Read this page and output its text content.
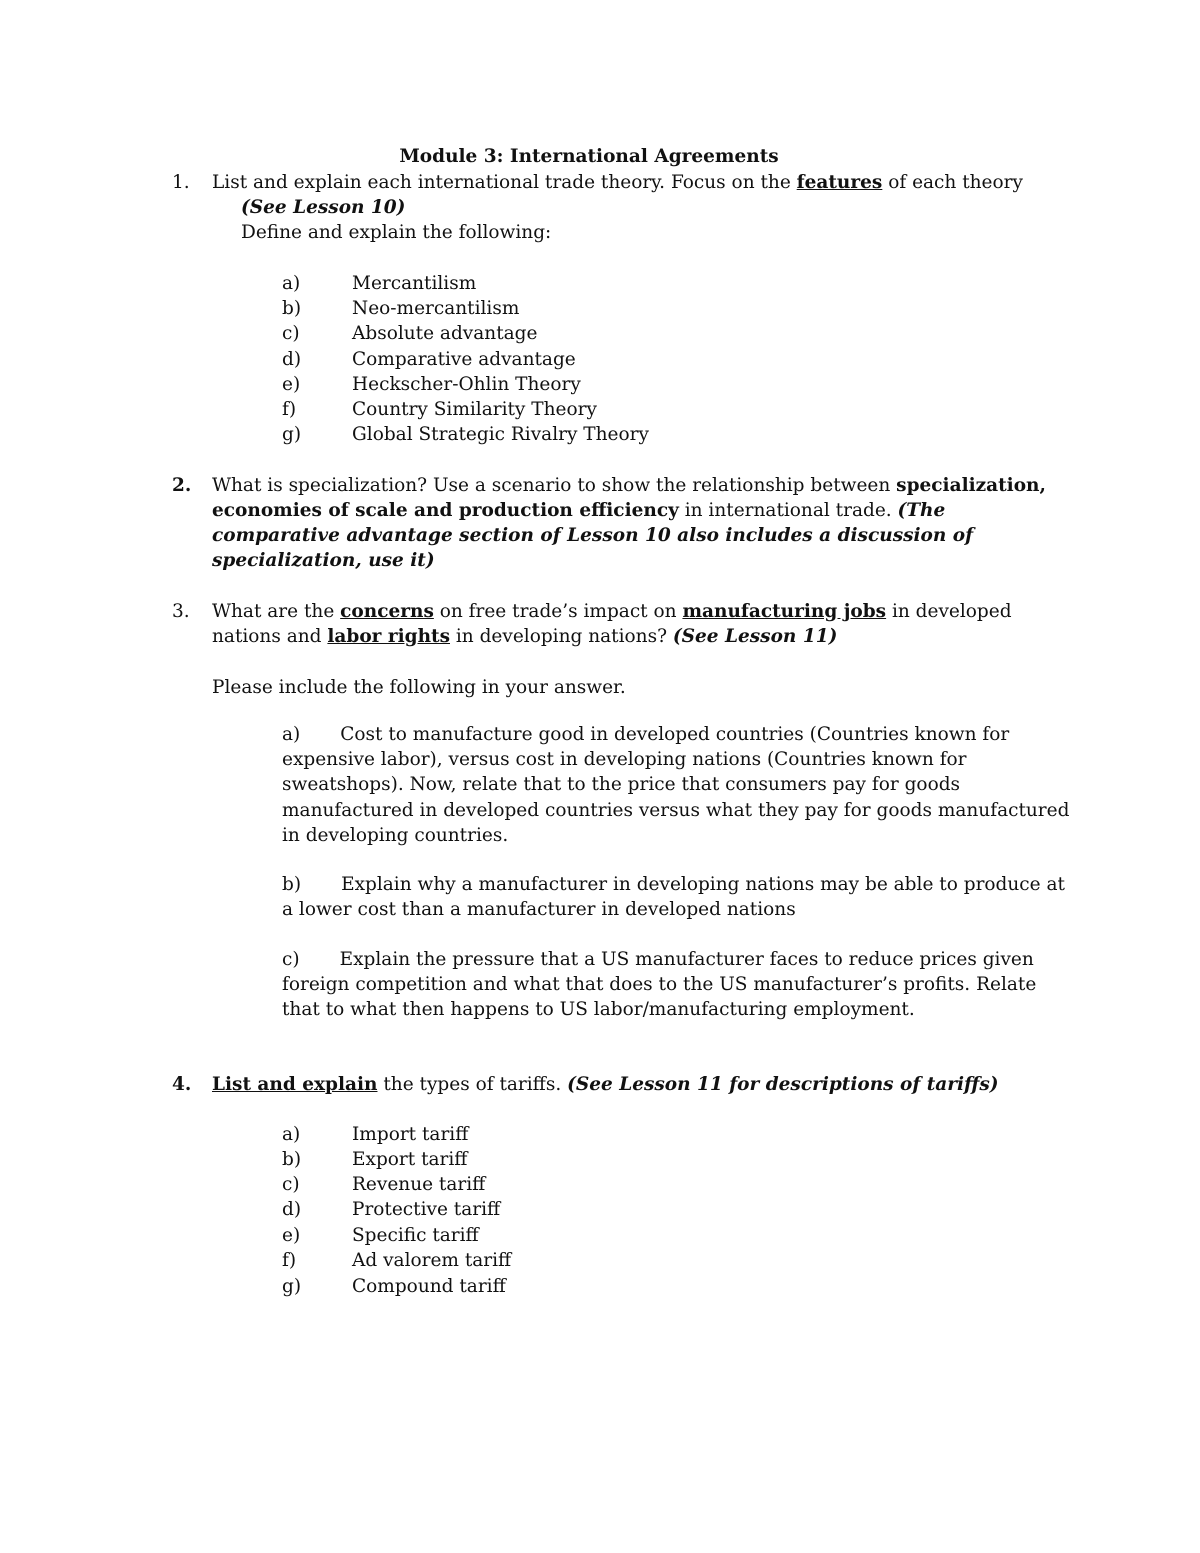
Module 3: International Agreements
1. List and explain each international trade theory. Focus on the features of each theory
(See Lesson 10)
Define and explain the following:
a)	Mercantilism
b)	Neo-mercantilism
c)	Absolute advantage
d)	Comparative advantage
e)	Heckscher-Ohlin Theory
f)	Country Similarity Theory
g)	Global Strategic Rivalry Theory
2. What is specialization? Use a scenario to show the relationship between specialization,
economies of scale and production efficiency in international trade. (The
comparative advantage section of Lesson 10 also includes a discussion of
specialization, use it)
3. What are the concerns on free trade’s impact on manufacturing jobs in developed
nations and labor rights in developing nations? (See Lesson 11)
Please include the following in your answer.
a) Cost to manufacture good in developed countries (Countries known for expensive labor), versus cost in developing nations (Countries known for sweatshops). Now, relate that to the price that consumers pay for goods manufactured in developed countries versus what they pay for goods manufactured in developing countries.
b) Explain why a manufacturer in developing nations may be able to produce at a lower cost than a manufacturer in developed nations
c) Explain the pressure that a US manufacturer faces to reduce prices given foreign competition and what that does to the US manufacturer’s profits. Relate that to what then happens to US labor/manufacturing employment.
4. List and explain the types of tariffs. (See Lesson 11 for descriptions of tariffs)
a)	Import tariff
b)	Export tariff
c)	Revenue tariff
d)	Protective tariff
e)	Specific tariff
f)	Ad valorem tariff
g)	Compound tariff
